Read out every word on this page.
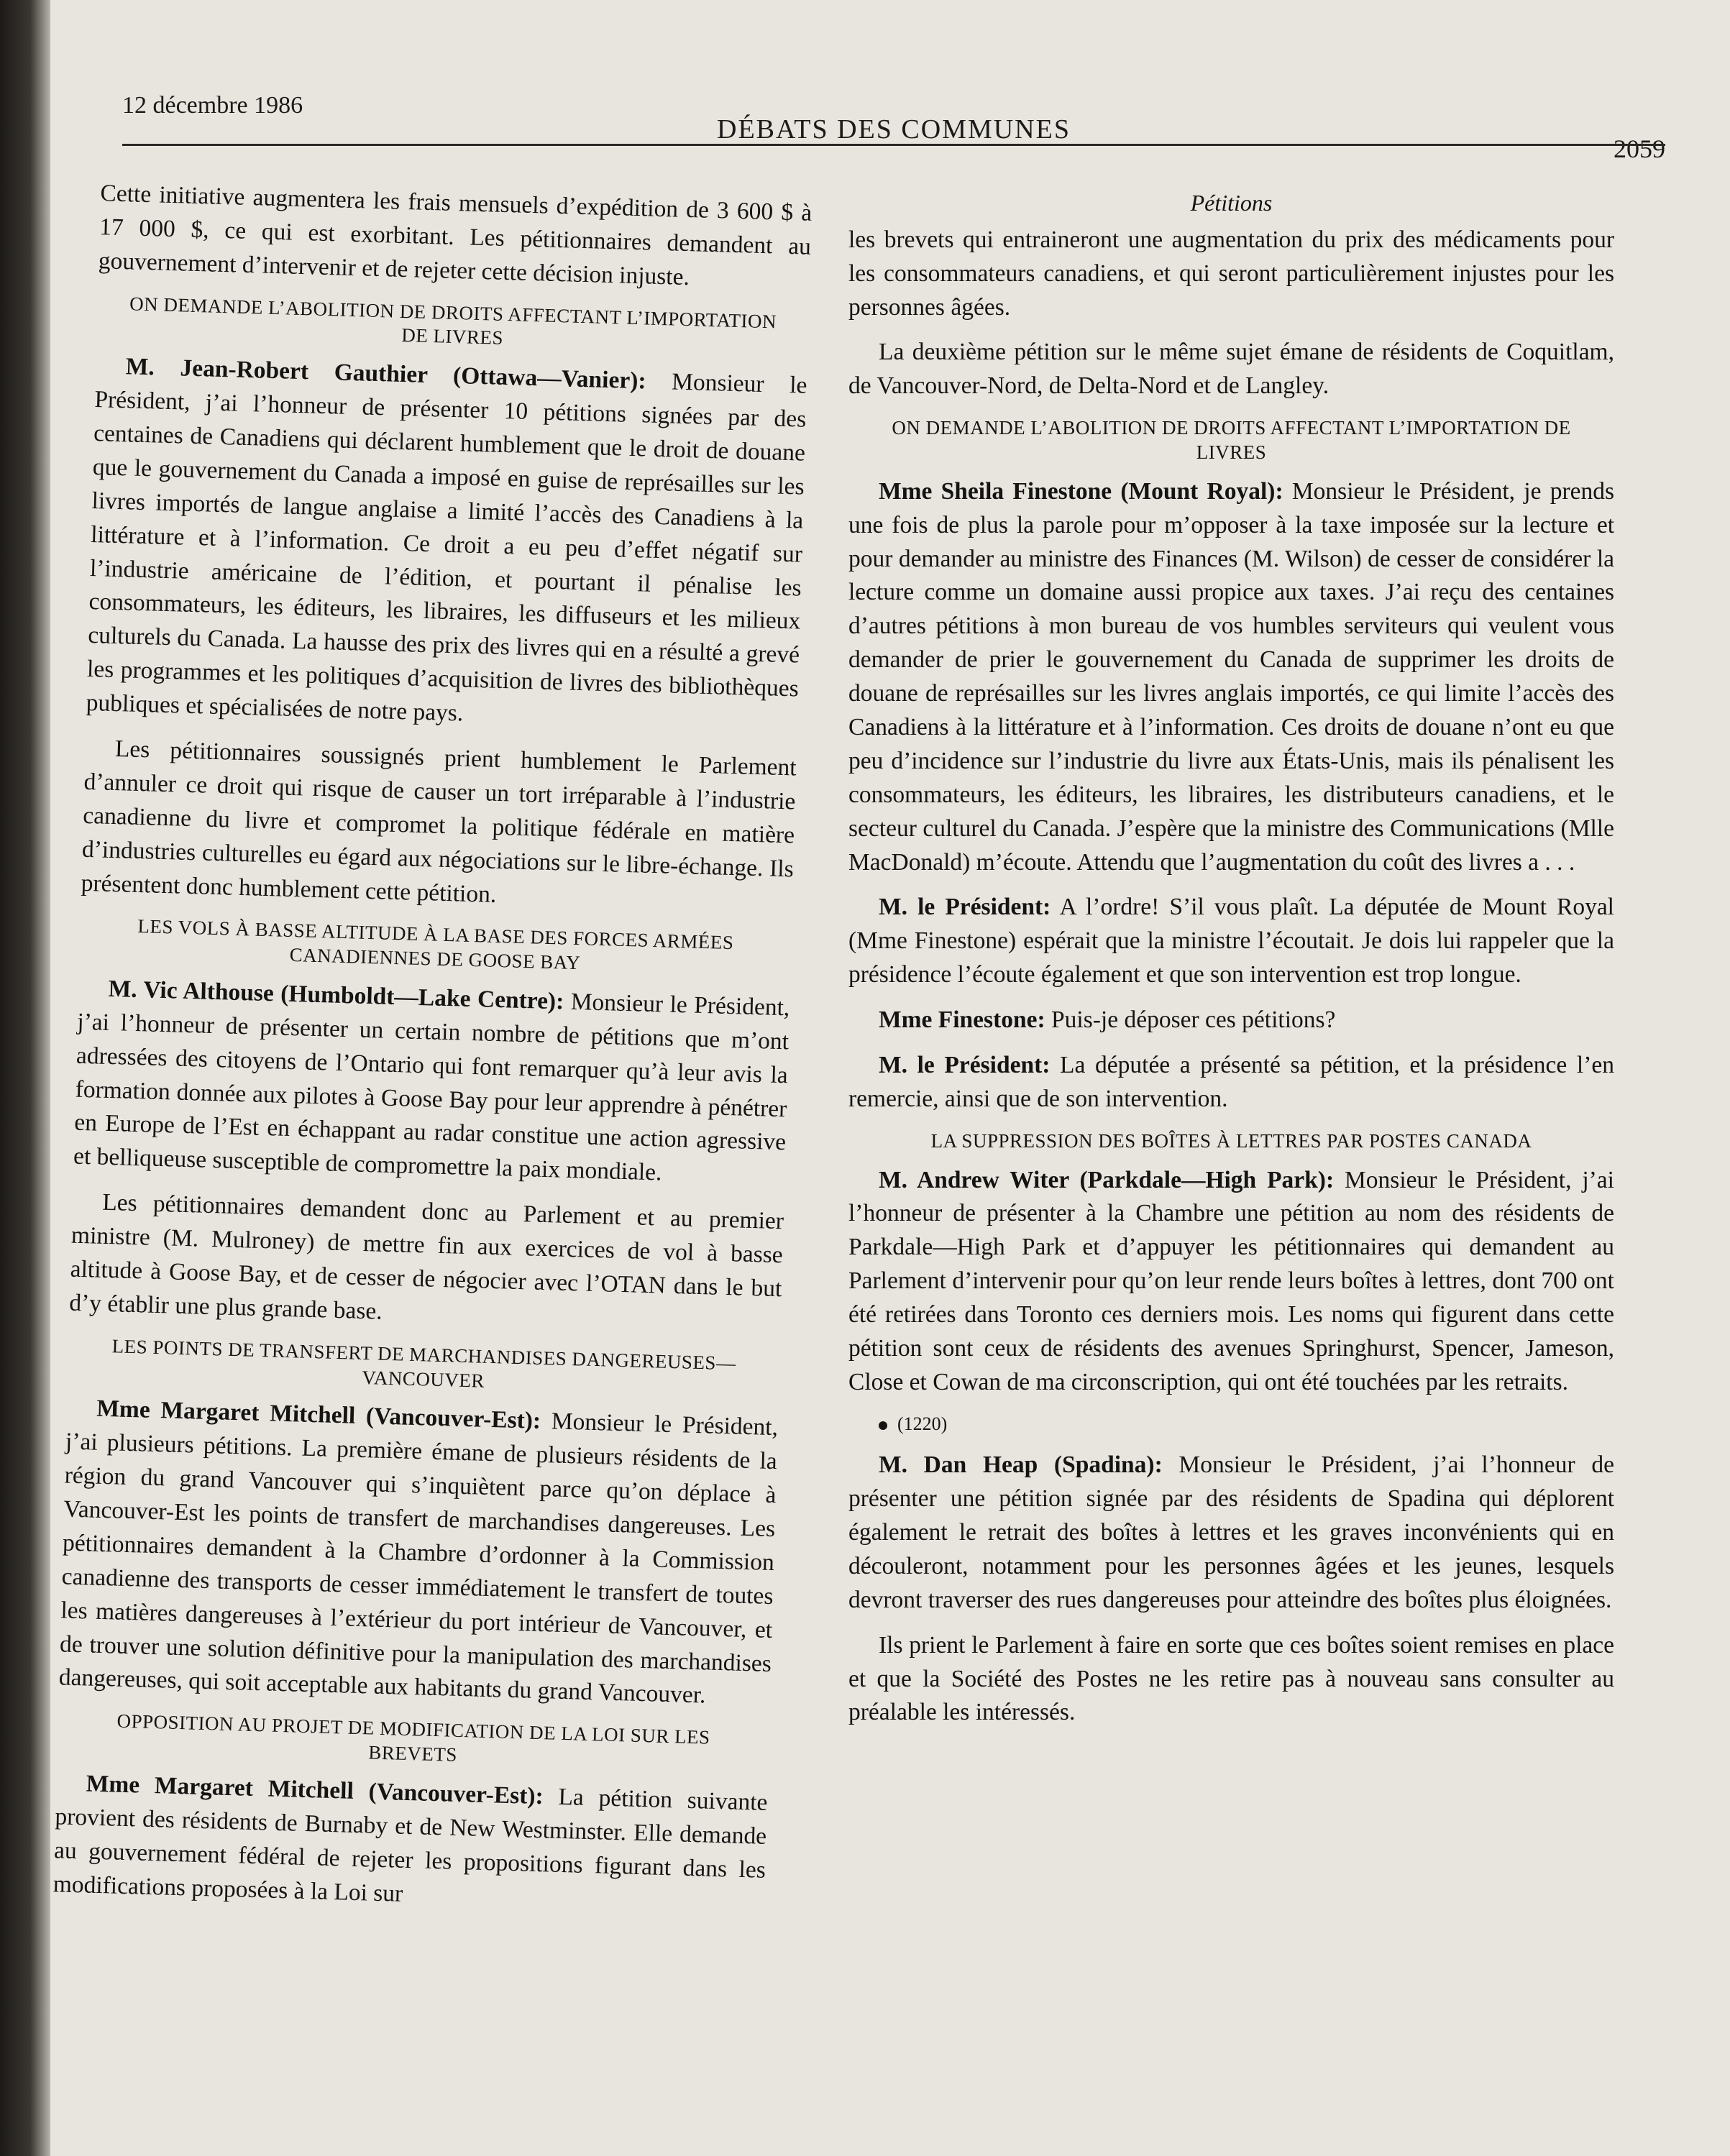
12 décembre 1986
DÉBATS DES COMMUNES
2059

Cette initiative augmentera les frais mensuels d’expédition de 3 600 $ à 17 000 $, ce qui est exorbitant. Les pétitionnaires demandent au gouvernement d’intervenir et de rejeter cette décision injuste.

ON DEMANDE L’ABOLITION DE DROITS AFFECTANT L’IMPORTATION DE LIVRES

M. Jean-Robert Gauthier (Ottawa—Vanier): Monsieur le Président, j’ai l’honneur de présenter 10 pétitions signées par des centaines de Canadiens qui déclarent humblement que le droit de douane que le gouvernement du Canada a imposé en guise de représailles sur les livres importés de langue anglaise a limité l’accès des Canadiens à la littérature et à l’information. Ce droit a eu peu d’effet négatif sur l’industrie américaine de l’édition, et pourtant il pénalise les consommateurs, les éditeurs, les libraires, les diffuseurs et les milieux culturels du Canada. La hausse des prix des livres qui en a résulté a grevé les programmes et les politiques d’acquisition de livres des bibliothèques publiques et spécialisées de notre pays.

Les pétitionnaires soussignés prient humblement le Parlement d’annuler ce droit qui risque de causer un tort irréparable à l’industrie canadienne du livre et compromet la politique fédérale en matière d’industries culturelles eu égard aux négociations sur le libre-échange. Ils présentent donc humblement cette pétition.

LES VOLS À BASSE ALTITUDE À LA BASE DES FORCES ARMÉES CANADIENNES DE GOOSE BAY

M. Vic Althouse (Humboldt—Lake Centre): Monsieur le Président, j’ai l’honneur de présenter un certain nombre de pétitions que m’ont adressées des citoyens de l’Ontario qui font remarquer qu’à leur avis la formation donnée aux pilotes à Goose Bay pour leur apprendre à pénétrer en Europe de l’Est en échappant au radar constitue une action agressive et belliqueuse susceptible de compromettre la paix mondiale.

Les pétitionnaires demandent donc au Parlement et au premier ministre (M. Mulroney) de mettre fin aux exercices de vol à basse altitude à Goose Bay, et de cesser de négocier avec l’OTAN dans le but d’y établir une plus grande base.

LES POINTS DE TRANSFERT DE MARCHANDISES DANGEREUSES—VANCOUVER

Mme Margaret Mitchell (Vancouver-Est): Monsieur le Président, j’ai plusieurs pétitions. La première émane de plusieurs résidents de la région du grand Vancouver qui s’inquiètent parce qu’on déplace à Vancouver-Est les points de transfert de marchandises dangereuses. Les pétitionnaires demandent à la Chambre d’ordonner à la Commission canadienne des transports de cesser immédiatement le transfert de toutes les matières dangereuses à l’extérieur du port intérieur de Vancouver, et de trouver une solution définitive pour la manipulation des marchandises dangereuses, qui soit acceptable aux habitants du grand Vancouver.

OPPOSITION AU PROJET DE MODIFICATION DE LA LOI SUR LES BREVETS

Mme Margaret Mitchell (Vancouver-Est): La pétition suivante provient des résidents de Burnaby et de New Westminster. Elle demande au gouvernement fédéral de rejeter les propositions figurant dans les modifications proposées à la Loi sur

Pétitions

les brevets qui entraineront une augmentation du prix des médicaments pour les consommateurs canadiens, et qui seront particulièrement injustes pour les personnes âgées.

La deuxième pétition sur le même sujet émane de résidents de Coquitlam, de Vancouver-Nord, de Delta-Nord et de Langley.

ON DEMANDE L’ABOLITION DE DROITS AFFECTANT L’IMPORTATION DE LIVRES

Mme Sheila Finestone (Mount Royal): Monsieur le Président, je prends une fois de plus la parole pour m’opposer à la taxe imposée sur la lecture et pour demander au ministre des Finances (M. Wilson) de cesser de considérer la lecture comme un domaine aussi propice aux taxes. J’ai reçu des centaines d’autres pétitions à mon bureau de vos humbles serviteurs qui veulent vous demander de prier le gouvernement du Canada de supprimer les droits de douane de représailles sur les livres anglais importés, ce qui limite l’accès des Canadiens à la littérature et à l’information. Ces droits de douane n’ont eu que peu d’incidence sur l’industrie du livre aux États-Unis, mais ils pénalisent les consommateurs, les éditeurs, les libraires, les distributeurs canadiens, et le secteur culturel du Canada. J’espère que la ministre des Communications (Mlle MacDonald) m’écoute. Attendu que l’augmentation du coût des livres a . . .

M. le Président: A l’ordre! S’il vous plaît. La députée de Mount Royal (Mme Finestone) espérait que la ministre l’écoutait. Je dois lui rappeler que la présidence l’écoute également et que son intervention est trop longue.

Mme Finestone: Puis-je déposer ces pétitions?

M. le Président: La députée a présenté sa pétition, et la présidence l’en remercie, ainsi que de son intervention.

LA SUPPRESSION DES BOÎTES À LETTRES PAR POSTES CANADA

M. Andrew Witer (Parkdale—High Park): Monsieur le Président, j’ai l’honneur de présenter à la Chambre une pétition au nom des résidents de Parkdale—High Park et d’appuyer les pétitionnaires qui demandent au Parlement d’intervenir pour qu’on leur rende leurs boîtes à lettres, dont 700 ont été retirées dans Toronto ces derniers mois. Les noms qui figurent dans cette pétition sont ceux de résidents des avenues Springhurst, Spencer, Jameson, Close et Cowan de ma circonscription, qui ont été touchées par les retraits.

(1220)

M. Dan Heap (Spadina): Monsieur le Président, j’ai l’honneur de présenter une pétition signée par des résidents de Spadina qui déplorent également le retrait des boîtes à lettres et les graves inconvénients qui en découleront, notamment pour les personnes âgées et les jeunes, lesquels devront traverser des rues dangereuses pour atteindre des boîtes plus éloignées.

Ils prient le Parlement à faire en sorte que ces boîtes soient remises en place et que la Société des Postes ne les retire pas à nouveau sans consulter au préalable les intéressés.
